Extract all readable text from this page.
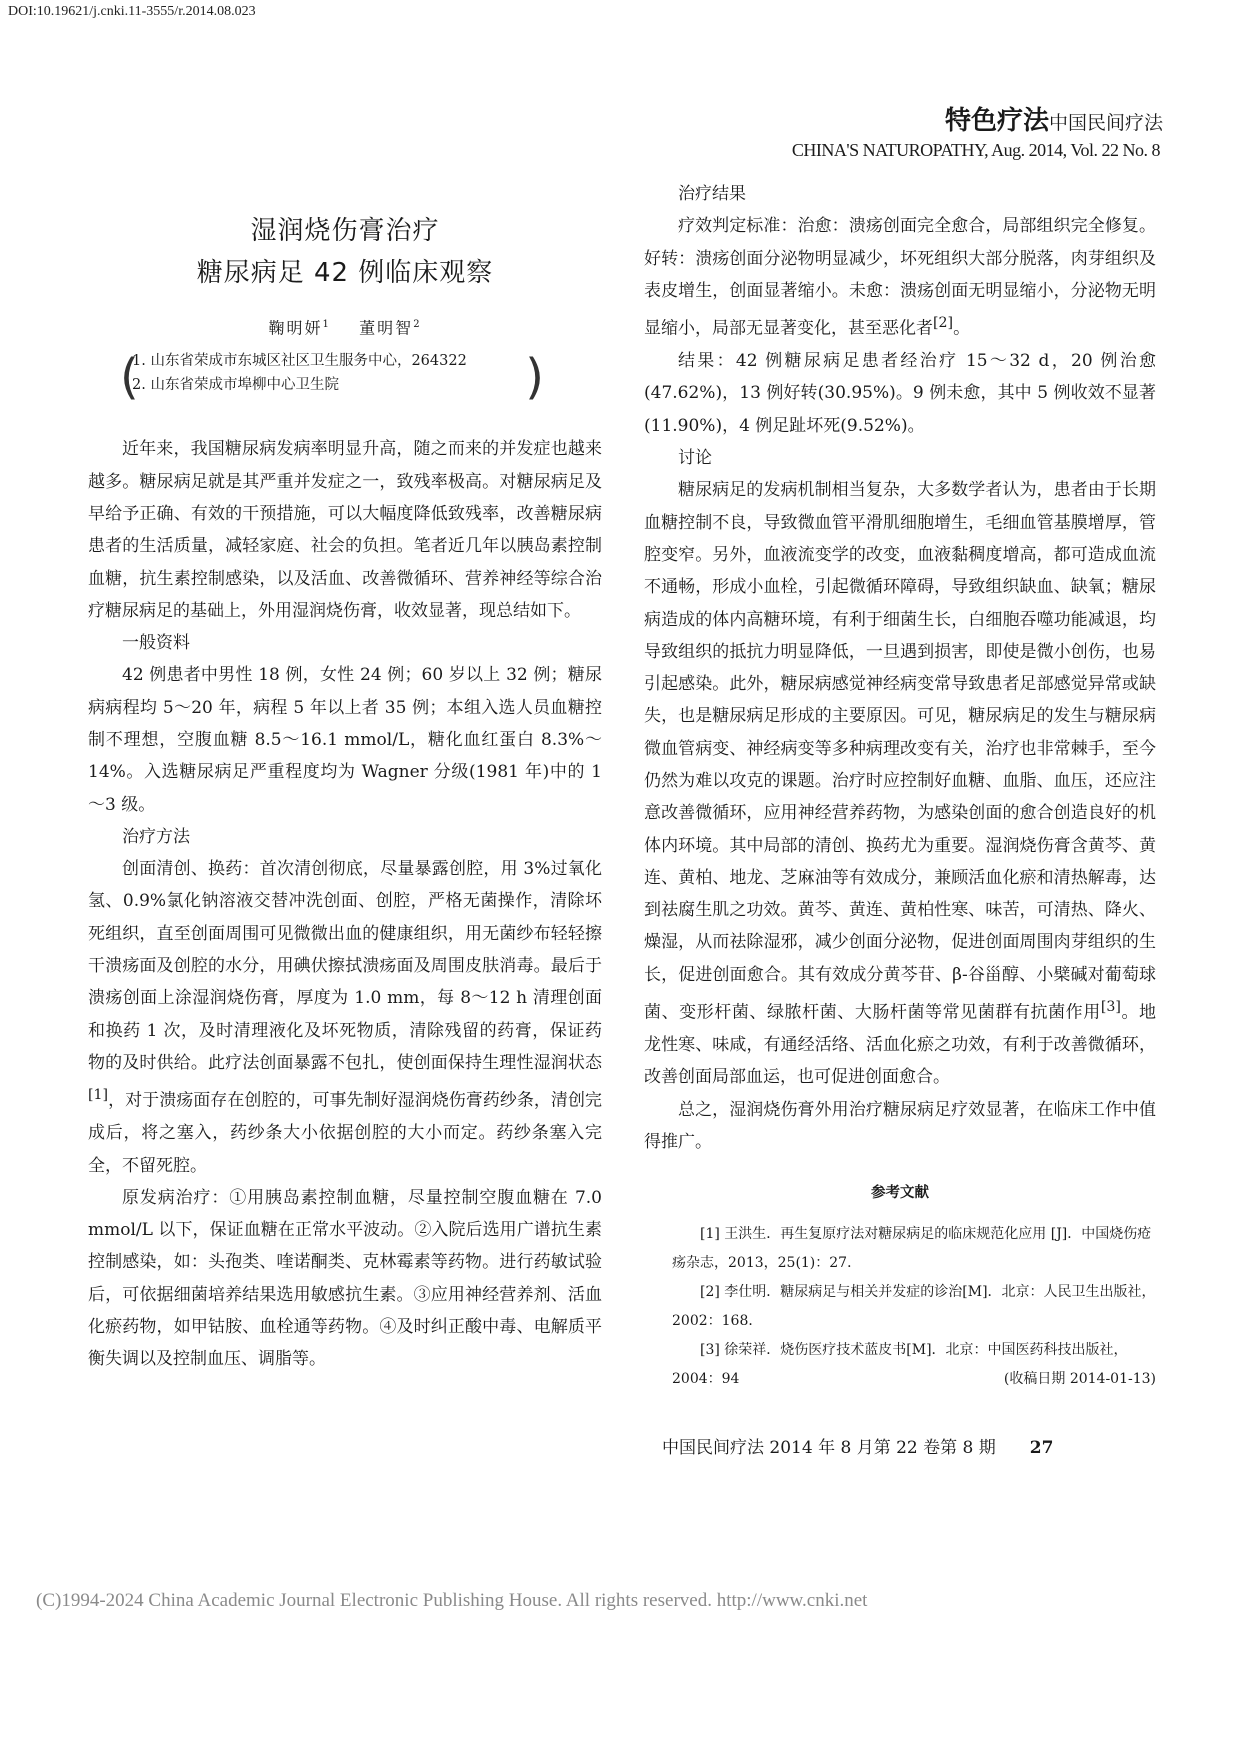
DOI:10.19621/j.cnki.11-3555/r.2014.08.023
特色疗法中国民间疗法
CHINA'S NATUROPATHY, Aug. 2014, Vol. 22 No. 8
湿润烧伤膏治疗
糖尿病足 42 例临床观察
鞠明妍$^1$ 董明智$^2$
(
1. 山东省荣成市东城区社区卫生服务中心，264322
2. 山东省荣成市埠柳中心卫生院	)

近年来，我国糖尿病发病率明显升高，随之而来的并发症也越来越多。糖尿病足就是其严重并发症之一，致残率极高。对糖尿病足及早给予正确、有效的干预措施，可以大幅度降低致残率，改善糖尿病患者的生活质量，减轻家庭、社会的负担。笔者近几年以胰岛素控制血糖，抗生素控制感染，以及活血、改善微循环、营养神经等综合治疗糖尿病足的基础上，外用湿润烧伤膏，收效显著，现总结如下。

一般资料

42 例患者中男性 18 例，女性 24 例；60 岁以上 32 例；糖尿病病程均 5～20 年，病程 5 年以上者 35 例；本组入选人员血糖控制不理想，空腹血糖 8.5～16.1 mmol/L，糖化血红蛋白 8.3%～14%。入选糖尿病足严重程度均为 Wagner 分级(1981 年)中的 1～3 级。

治疗方法

创面清创、换药：首次清创彻底，尽量暴露创腔，用 3%过氧化氢、0.9%氯化钠溶液交替冲洗创面、创腔，严格无菌操作，清除坏死组织，直至创面周围可见微微出血的健康组织，用无菌纱布轻轻擦干溃疡面及创腔的水分，用碘伏擦拭溃疡面及周围皮肤消毒。最后于溃疡创面上涂湿润烧伤膏，厚度为 1.0 mm，每 8～12 h 清理创面和换药 1 次，及时清理液化及坏死物质，清除残留的药膏，保证药物的及时供给。此疗法创面暴露不包扎，使创面保持生理性湿润状态[1]，对于溃疡面存在创腔的，可事先制好湿润烧伤膏药纱条，清创完成后，将之塞入，药纱条大小依据创腔的大小而定。药纱条塞入完全，不留死腔。

原发病治疗：①用胰岛素控制血糖，尽量控制空腹血糖在 7.0 mmol/L 以下，保证血糖在正常水平波动。②入院后选用广谱抗生素控制感染，如：头孢类、喹诺酮类、克林霉素等药物。进行药敏试验后，可依据细菌培养结果选用敏感抗生素。③应用神经营养剂、活血化瘀药物，如甲钴胺、血栓通等药物。④及时纠正酸中毒、电解质平衡失调以及控制血压、调脂等。

治疗结果

疗效判定标准：治愈：溃疡创面完全愈合，局部组织完全修复。好转：溃疡创面分泌物明显减少，坏死组织大部分脱落，肉芽组织及表皮增生，创面显著缩小。未愈：溃疡创面无明显缩小，分泌物无明显缩小，局部无显著变化，甚至恶化者[2]。

结果：42 例糖尿病足患者经治疗 15～32 d，20 例治愈(47.62%)，13 例好转(30.95%)。9 例未愈，其中 5 例收效不显著(11.90%)，4 例足趾坏死(9.52%)。

讨论

糖尿病足的发病机制相当复杂，大多数学者认为，患者由于长期血糖控制不良，导致微血管平滑肌细胞增生，毛细血管基膜增厚，管腔变窄。另外，血液流变学的改变，血液黏稠度增高，都可造成血流不通畅，形成小血栓，引起微循环障碍，导致组织缺血、缺氧；糖尿病造成的体内高糖环境，有利于细菌生长，白细胞吞噬功能减退，均导致组织的抵抗力明显降低，一旦遇到损害，即使是微小创伤，也易引起感染。此外，糖尿病感觉神经病变常导致患者足部感觉异常或缺失，也是糖尿病足形成的主要原因。可见，糖尿病足的发生与糖尿病微血管病变、神经病变等多种病理改变有关，治疗也非常棘手，至今仍然为难以攻克的课题。治疗时应控制好血糖、血脂、血压，还应注意改善微循环，应用神经营养药物，为感染创面的愈合创造良好的机体内环境。其中局部的清创、换药尤为重要。湿润烧伤膏含黄芩、黄连、黄柏、地龙、芝麻油等有效成分，兼顾活血化瘀和清热解毒，达到祛腐生肌之功效。黄芩、黄连、黄柏性寒、味苦，可清热、降火、燥湿，从而祛除湿邪，减少创面分泌物，促进创面周围肉芽组织的生长，促进创面愈合。其有效成分黄芩苷、β-谷甾醇、小檗碱对葡萄球菌、变形杆菌、绿脓杆菌、大肠杆菌等常见菌群有抗菌作用[3]。地龙性寒、味咸，有通经活络、活血化瘀之功效，有利于改善微循环，改善创面局部血运，也可促进创面愈合。

总之，湿润烧伤膏外用治疗糖尿病足疗效显著，在临床工作中值得推广。

参考文献

[1] 王洪生．再生复原疗法对糖尿病足的临床规范化应用 [J]．中国烧伤疮疡杂志，2013，25(1)：27．

[2] 李仕明．糖尿病足与相关并发症的诊治[M]．北京：人民卫生出版社，2002：168．

[3] 徐荣祥．烧伤医疗技术蓝皮书[M]．北京：中国医药科技出版社，2004：94	(收稿日期 2014-01-13)

中国民间疗法 2014 年 8 月第 22 卷第 8 期 27
(C)1994-2024 China Academic Journal Electronic Publishing House. All rights reserved. http://www.cnki.net
